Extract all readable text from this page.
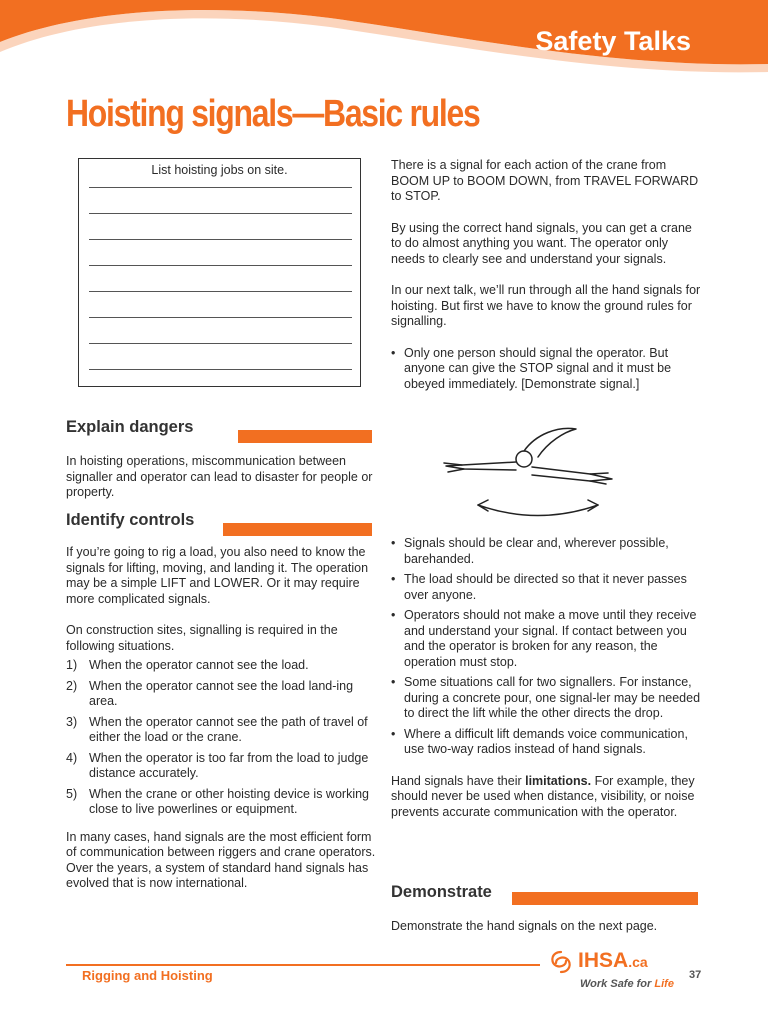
Safety Talks
Hoisting signals—Basic rules
List hoisting jobs on site.
Explain dangers

In hoisting operations, miscommunication between signaller and operator can lead to disaster for people or property.

Identify controls

If you’re going to rig a load, you also need to know the signals for lifting, moving, and landing it. The operation may be a simple LIFT and LOWER. Or it may require more complicated signals.

On construction sites, signalling is required in the following situations.

1) When the operator cannot see the load.
2) When the operator cannot see the load land-ing area.
3) When the operator cannot see the path of travel of either the load or the crane.
4) When the operator is too far from the load to judge distance accurately.
5) When the crane or other hoisting device is working close to live powerlines or equipment.

In many cases, hand signals are the most efficient form of communication between riggers and crane operators. Over the years, a system of standard hand signals has evolved that is now international.

There is a signal for each action of the crane from BOOM UP to BOOM DOWN, from TRAVEL FORWARD to STOP.

By using the correct hand signals, you can get a crane to do almost anything you want. The operator only needs to clearly see and understand your signals.

In our next talk, we’ll run through all the hand signals for hoisting. But first we have to know the ground rules for signalling.

• Only one person should signal the operator. But anyone can give the STOP signal and it must be obeyed immediately. [Demonstrate signal.]
• Signals should be clear and, wherever possible, barehanded.
• The load should be directed so that it never passes over anyone.
• Operators should not make a move until they receive and understand your signal. If contact between you and the operator is broken for any reason, the operation must stop.
• Some situations call for two signallers. For instance, during a concrete pour, one signal-ler may be needed to direct the lift while the other directs the drop.
• Where a difficult lift demands voice communication, use two-way radios instead of hand signals.

Hand signals have their limitations. For example, they should never be used when distance, visibility, or noise prevents accurate communication with the operator.

Demonstrate

Demonstrate the hand signals on the next page.

Rigging and Hoisting
IHSA.ca
Work Safe for Life
37
